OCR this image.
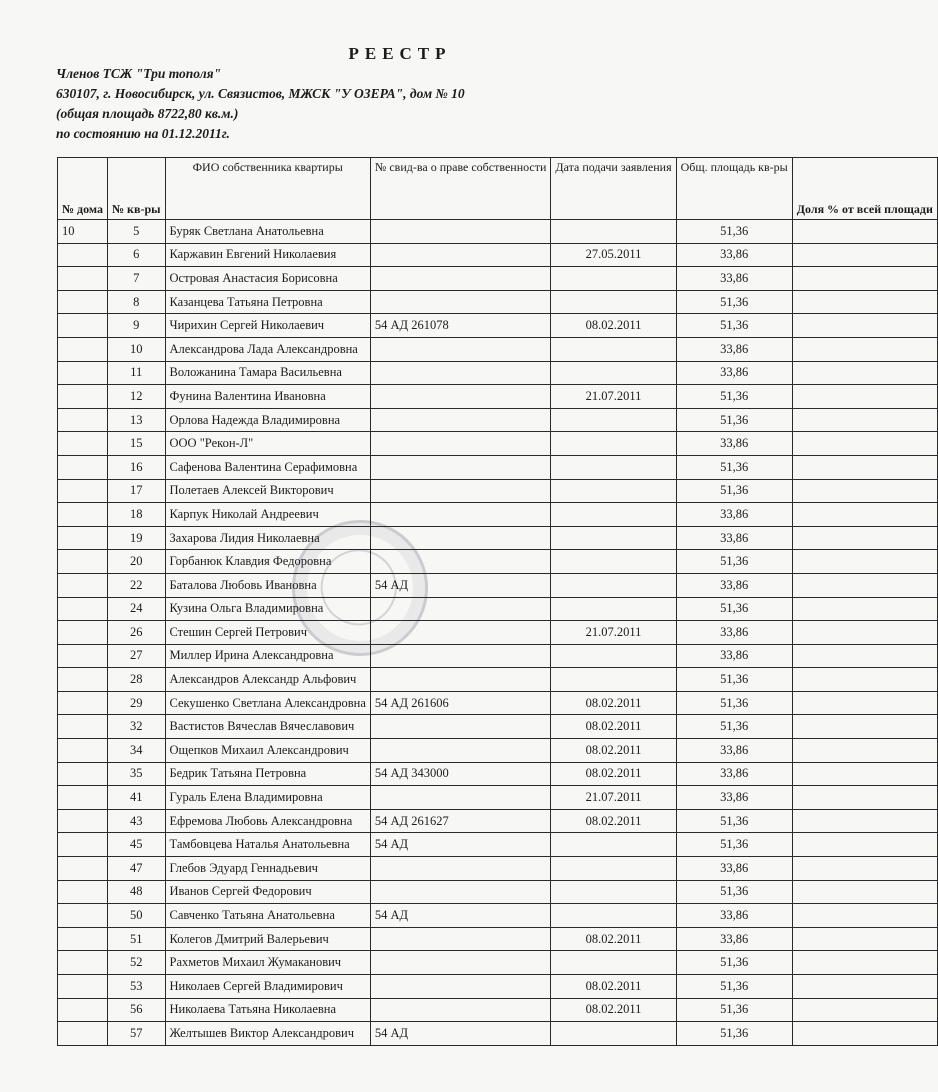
РЕЕСТР
Членов ТСЖ "Три тополя"
630107, г. Новосибирск, ул. Связистов, МЖСК "У ОЗЕРА", дом № 10
(общая площадь 8722,80 кв.м.)
по состоянию на 01.12.2011г.
№ дома	№ кв-ры	ФИО собственника квартиры	№ свид-ва о праве собственности	Дата подачи заявления	Общ. площадь кв-ры	Доля % от всей площади
10	5	Буряк Светлана Анатольевна			51,36	
	6	Каржавин Евгений Николаевия		27.05.2011	33,86	
	7	Островая Анастасия Борисовна			33,86	
	8	Казанцева Татьяна Петровна			51,36	
	9	Чирихин Сергей Николаевич	54 АД 261078	08.02.2011	51,36	
	10	Александрова Лада Александровна			33,86	
	11	Воложанина Тамара Васильевна			33,86	
	12	Фунина Валентина Ивановна		21.07.2011	51,36	
	13	Орлова Надежда Владимировна			51,36	
	15	ООО "Рекон-Л"			33,86	
	16	Сафенова Валентина Серафимовна			51,36	
	17	Полетаев Алексей Викторович			51,36	
	18	Карпук Николай Андреевич			33,86	
	19	Захарова Лидия Николаевна			33,86	
	20	Горбанюк Клавдия Федоровна			51,36	
	22	Баталова Любовь Ивановна	54 АД		33,86	
	24	Кузина Ольга Владимировна			51,36	
	26	Стешин Сергей Петрович		21.07.2011	33,86	
	27	Миллер Ирина Александровна			33,86	
	28	Александров Александр Альфович			51,36	
	29	Секушенко Светлана Александровна	54 АД 261606	08.02.2011	51,36	
	32	Вастистов Вячеслав Вячеславович		08.02.2011	51,36	
	34	Ощепков Михаил Александрович		08.02.2011	33,86	
	35	Бедрик Татьяна Петровна	54 АД 343000	08.02.2011	33,86	
	41	Гураль Елена Владимировна		21.07.2011	33,86	
	43	Ефремова Любовь Александровна	54 АД 261627	08.02.2011	51,36	
	45	Тамбовцева Наталья Анатольевна	54 АД		51,36	
	47	Глебов Эдуард Геннадьевич			33,86	
	48	Иванов Сергей Федорович			51,36	
	50	Савченко Татьяна Анатольевна	54 АД		33,86	
	51	Колегов Дмитрий Валерьевич		08.02.2011	33,86	
	52	Рахметов Михаил Жумаканович			51,36	
	53	Николаев Сергей Владимирович		08.02.2011	51,36	
	56	Николаева Татьяна Николаевна		08.02.2011	51,36	
	57	Желтышев Виктор Александрович	54 АД		51,36	
